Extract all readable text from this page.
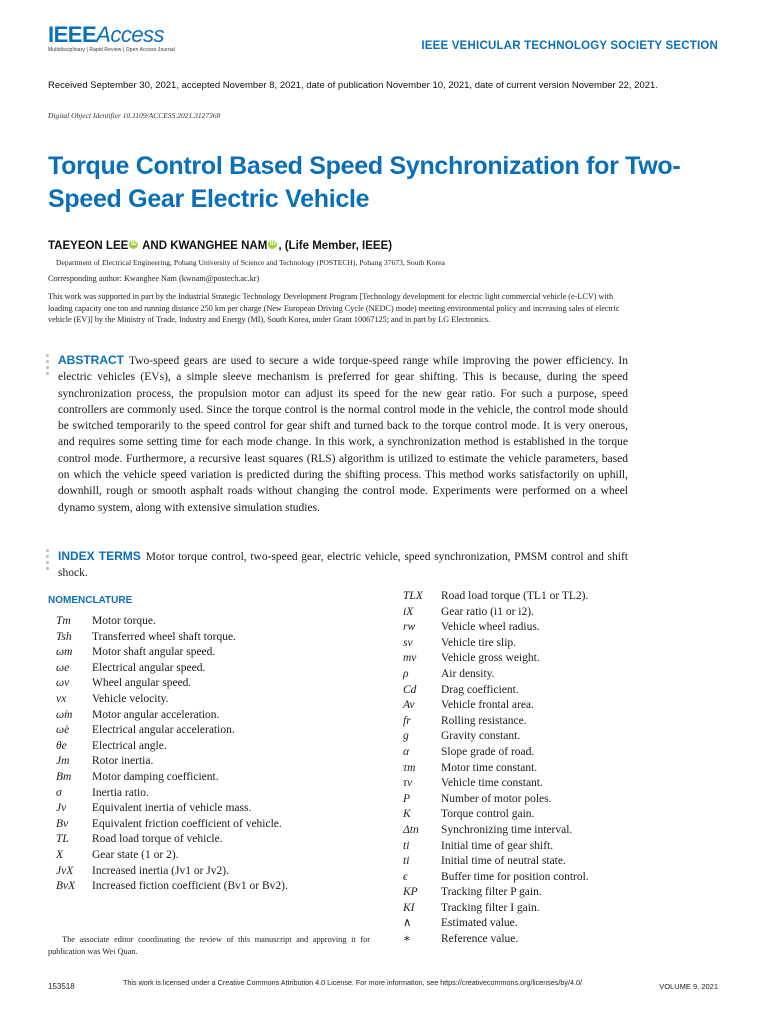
IEEEAccess
Multidisciplinary | Rapid Review | Open Access Journal	IEEE VEHICULAR TECHNOLOGY SOCIETY SECTION
Received September 30, 2021, accepted November 8, 2021, date of publication November 10, 2021, date of current version November 22, 2021.
Digital Object Identifier 10.1109/ACCESS.2021.3127368
Torque Control Based Speed Synchronization for Two-Speed Gear Electric Vehicle
TAEYEON LEE iD AND KWANGHEE NAM iD , (Life Member, IEEE)
Department of Electrical Engineering, Pohang University of Science and Technology (POSTECH), Pohang 37673, South Korea
Corresponding author: Kwanghee Nam (kwnam@postech.ac.kr)
This work was supported in part by the Industrial Strategic Technology Development Program [Technology development for electric light commercial vehicle (e-LCV) with loading capacity one ton and running distance 250 km per charge (New European Driving Cycle (NEDC) mode) meeting environmental policy and increasing sales of electric vehicle (EV)] by the Ministry of Trade, Industry and Energy (MI), South Korea, under Grant 10067125; and in part by LG Electronics.
ABSTRACT Two-speed gears are used to secure a wide torque-speed range while improving the power efficiency. In electric vehicles (EVs), a simple sleeve mechanism is preferred for gear shifting. This is because, during the speed synchronization process, the propulsion motor can adjust its speed for the new gear ratio. For such a purpose, speed controllers are commonly used. Since the torque control is the normal control mode in the vehicle, the control mode should be switched temporarily to the speed control for gear shift and turned back to the torque control mode. It is very onerous, and requires some setting time for each mode change. In this work, a synchronization method is established in the torque control mode. Furthermore, a recursive least squares (RLS) algorithm is utilized to estimate the vehicle parameters, based on which the vehicle speed variation is predicted during the shifting process. This method works satisfactorily on uphill, downhill, rough or smooth asphalt roads without changing the control mode. Experiments were performed on a wheel dynamo system, along with extensive simulation studies.
INDEX TERMS Motor torque control, two-speed gear, electric vehicle, speed synchronization, PMSM control and shift shock.
NOMENCLATURE
Tm	Motor torque.
Tsh	Transferred wheel shaft torque.
ωm	Motor shaft angular speed.
ωe	Electrical angular speed.
ωv	Wheel angular speed.
vx	Vehicle velocity.
ω̇m	Motor angular acceleration.
ω̇e	Electrical angular acceleration.
θe	Electrical angle.
Jm	Rotor inertia.
Bm	Motor damping coefficient.
σ	Inertia ratio.
Jv	Equivalent inertia of vehicle mass.
Bv	Equivalent friction coefficient of vehicle.
TL	Road load torque of vehicle.
X	Gear state (1 or 2).
JvX	Increased inertia (Jv1 or Jv2).
BvX	Increased fiction coefficient (Bv1 or Bv2).
TLX	Road load torque (TL1 or TL2).
iX	Gear ratio (i1 or i2).
rw	Vehicle wheel radius.
sv	Vehicle tire slip.
mv	Vehicle gross weight.
ρ	Air density.
Cd	Drag coefficient.
Av	Vehicle frontal area.
fr	Rolling resistance.
g	Gravity constant.
α	Slope grade of road.
τm	Motor time constant.
τv	Vehicle time constant.
P	Number of motor poles.
K	Torque control gain.
Δtn	Synchronizing time interval.
ti	Initial time of gear shift.
ti	Initial time of neutral state.
ϵ	Buffer time for position control.
KP	Tracking filter P gain.
KI	Tracking filter I gain.
∧	Estimated value.
∗	Reference value.
The associate editor coordinating the review of this manuscript and approving it for publication was Wei Quan.
153518	This work is licensed under a Creative Commons Attribution 4.0 License. For more information, see https://creativecommons.org/licenses/by/4.0/	VOLUME 9, 2021
